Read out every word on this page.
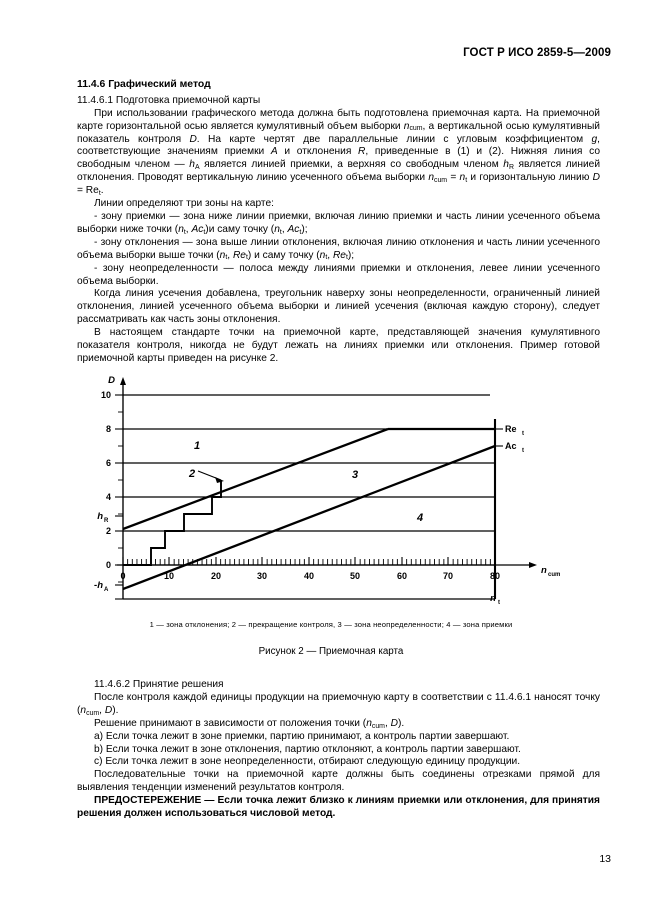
ГОСТ Р ИСО 2859-5—2009
11.4.6 Графический метод

11.4.6.1 Подготовка приемочной карты

При использовании графического метода должна быть подготовлена приемочная карта. На приемочной карте горизонтальной осью является кумулятивный объем выборки $n_{cum}$, а вертикальной осью кумулятивный показатель контроля D. На карте чертят две параллельные линии с угловым коэффициентом g, соответствующие значениям приемки A и отклонения R, приведенные в (1) и (2). Нижняя линия со свободным членом — $h_A$ является линией приемки, а верхняя со свободным членом $h_R$ является линией отклонения. Проводят вертикальную линию усеченного объема выборки $n_{cum} = n_t$ и горизонтальную линию $D = Re_t$.

Линии определяют три зоны на карте:

- зону приемки — зона ниже линии приемки, включая линию приемки и часть линии усеченного объема выборки ниже точки ($n_t$, $Ac_t)и$ саму точку ($n_t$, $Ac_t$);

- зону отклонения — зона выше линии отклонения, включая линию отклонения и часть линии усеченного объема выборки выше точки ($n_t$, $Re_t$) и саму точку ($n_t$, $Re_t$);

- зону неопределенности — полоса между линиями приемки и отклонения, левее линии усеченного объема выборки.

Когда линия усечения добавлена, треугольник наверху зоны неопределенности, ограниченный линией отклонения, линией усеченного объема выборки и линией усечения (включая каждую сторону), следует рассматривать как часть зоны отклонения.

В настоящем стандарте точки на приемочной карте, представляющей значения кумулятивного показателя контроля, никогда не будут лежать на линиях приемки или отклонения. Пример готовой приемочной карты приведен на рисунке 2.

10
8
6
4
2
0
h R
-h A
D
0	10	20	30	40	50	60	70	80	n cum
n t
Re t
Ac t
1
2	3
4
1 — зона отклонения; 2 — прекращение контроля, 3 — зона неопределенности; 4 — зона приемки
Рисунок 2 — Приемочная карта

11.4.6.2 Принятие решения

После контроля каждой единицы продукции на приемочную карту в соответствии с 11.4.6.1 наносят точку ($n_{cum}$, D).

Решение принимают в зависимости от положения точки ($n_{cum}$, D).

a) Если точка лежит в зоне приемки, партию принимают, а контроль партии завершают.

b) Если точка лежит в зоне отклонения, партию отклоняют, а контроль партии завершают.

c) Если точка лежит в зоне неопределенности, отбирают следующую единицу продукции.

Последовательные точки на приемочной карте должны быть соединены отрезками прямой для выявления тенденции изменений результатов контроля.

ПРЕДОСТЕРЕЖЕНИЕ — Если точка лежит близко к линиям приемки или отклонения, для принятия решения должен использоваться числовой метод.

13
